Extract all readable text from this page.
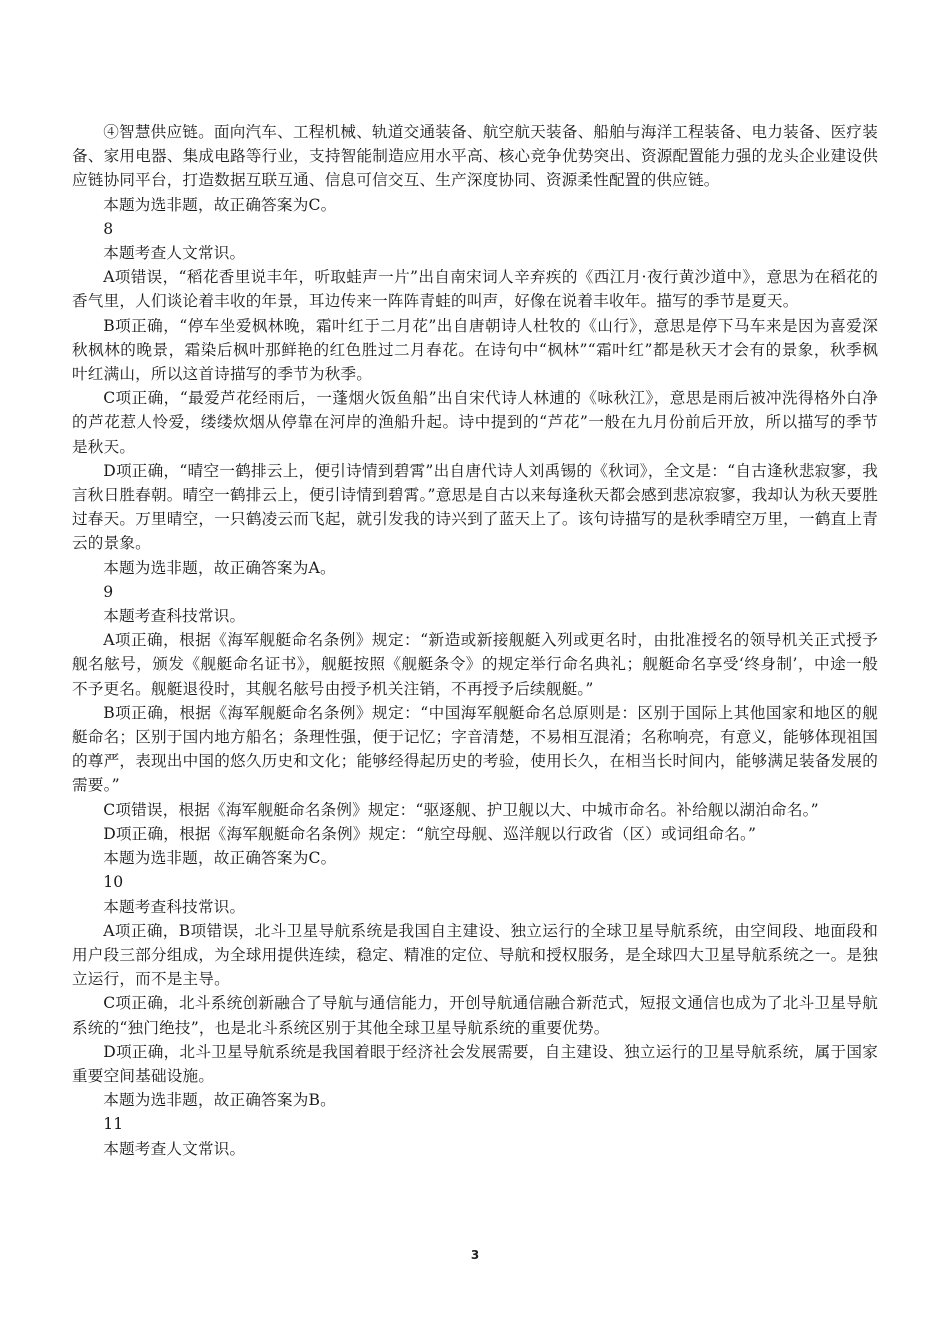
④智慧供应链。面向汽车、工程机械、轨道交通装备、航空航天装备、船舶与海洋工程装备、电力装备、医疗装备、家用电器、集成电路等行业，支持智能制造应用水平高、核心竞争优势突出、资源配置能力强的龙头企业建设供应链协同平台，打造数据互联互通、信息可信交互、生产深度协同、资源柔性配置的供应链。

本题为选非题，故正确答案为C。

8

本题考查人文常识。

A项错误，“稻花香里说丰年，听取蛙声一片”出自南宋词人辛弃疾的《西江月·夜行黄沙道中》，意思为在稻花的香气里，人们谈论着丰收的年景，耳边传来一阵阵青蛙的叫声，好像在说着丰收年。描写的季节是夏天。

B项正确，“停车坐爱枫林晚，霜叶红于二月花”出自唐朝诗人杜牧的《山行》，意思是停下马车来是因为喜爱深秋枫林的晚景，霜染后枫叶那鲜艳的红色胜过二月春花。在诗句中“枫林”“霜叶红”都是秋天才会有的景象，秋季枫叶红满山，所以这首诗描写的季节为秋季。

C项正确，“最爱芦花经雨后，一蓬烟火饭鱼船”出自宋代诗人林逋的《咏秋江》，意思是雨后被冲洗得格外白净的芦花惹人怜爱，缕缕炊烟从停靠在河岸的渔船升起。诗中提到的“芦花”一般在九月份前后开放，所以描写的季节是秋天。

D项正确，“晴空一鹤排云上，便引诗情到碧霄”出自唐代诗人刘禹锡的《秋词》，全文是：“自古逢秋悲寂寥，我言秋日胜春朝。晴空一鹤排云上，便引诗情到碧霄。”意思是自古以来每逢秋天都会感到悲凉寂寥，我却认为秋天要胜过春天。万里晴空，一只鹤凌云而飞起，就引发我的诗兴到了蓝天上了。该句诗描写的是秋季晴空万里，一鹤直上青云的景象。

本题为选非题，故正确答案为A。

9

本题考查科技常识。

A项正确，根据《海军舰艇命名条例》规定：“新造或新接舰艇入列或更名时，由批准授名的领导机关正式授予舰名舷号，颁发《舰艇命名证书》，舰艇按照《舰艇条令》的规定举行命名典礼；舰艇命名享受‘终身制’，中途一般不予更名。舰艇退役时，其舰名舷号由授予机关注销，不再授予后续舰艇。”

B项正确，根据《海军舰艇命名条例》规定：“中国海军舰艇命名总原则是：区别于国际上其他国家和地区的舰艇命名；区别于国内地方船名；条理性强，便于记忆；字音清楚，不易相互混淆；名称响亮，有意义，能够体现祖国的尊严，表现出中国的悠久历史和文化；能够经得起历史的考验，使用长久，在相当长时间内，能够满足装备发展的需要。”

C项错误，根据《海军舰艇命名条例》规定：“驱逐舰、护卫舰以大、中城市命名。补给舰以湖泊命名。”

D项正确，根据《海军舰艇命名条例》规定：“航空母舰、巡洋舰以行政省（区）或词组命名。”

本题为选非题，故正确答案为C。

10

本题考查科技常识。

A项正确，B项错误，北斗卫星导航系统是我国自主建设、独立运行的全球卫星导航系统，由空间段、地面段和用户段三部分组成，为全球用提供连续，稳定、精准的定位、导航和授权服务，是全球四大卫星导航系统之一。是独立运行，而不是主导。

C项正确，北斗系统创新融合了导航与通信能力，开创导航通信融合新范式，短报文通信也成为了北斗卫星导航系统的“独门绝技”，也是北斗系统区别于其他全球卫星导航系统的重要优势。

D项正确，北斗卫星导航系统是我国着眼于经济社会发展需要，自主建设、独立运行的卫星导航系统，属于国家重要空间基础设施。

本题为选非题，故正确答案为B。

11

本题考查人文常识。

3
